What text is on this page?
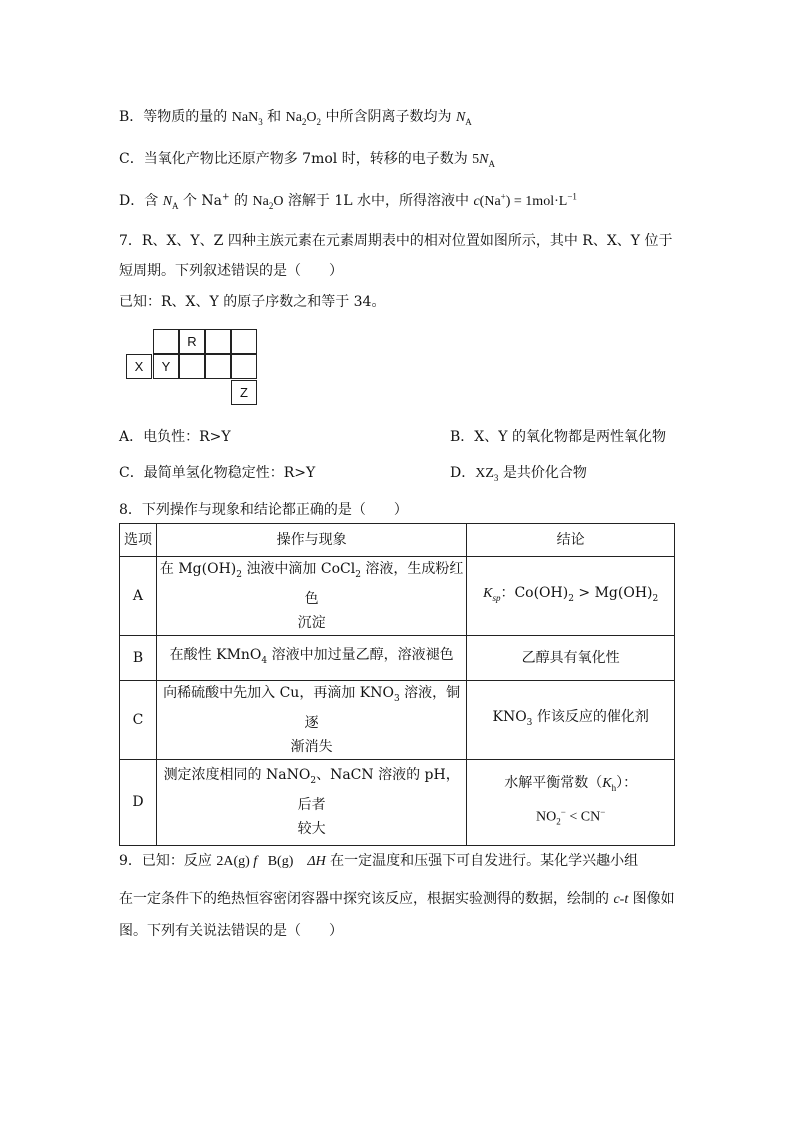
B．等物质的量的 NaN$_3$ 和 $Na_2O_2$ 中所含阴离子数均为 $N_A$
C．当氧化产物比还原产物多 7mol 时，转移的电子数为 $5N_A$
D．含 $N_A$ 个 Na+ 的 $Na_2O$ 溶解于 1L 水中，所得溶液中 $c(Na^+) = 1mol\cdot L^{-1}$
7．R、X、Y、Z 四种主族元素在元素周期表中的相对位置如图所示，其中 R、X、Y 位于
短周期。下列叙述错误的是（　　）
已知：R、X、Y 的原子序数之和等于 34。
R
X	Y
Z
A．电负性：R>Y	B．X、Y 的氧化物都是两性氧化物
C．最简单氢化物稳定性：R>Y	D．$XZ_3$ 是共价化合物
8．下列操作与现象和结论都正确的是（　　）
选项	操作与现象	结论
A	在 $Mg(OH)_2$ 浊液中滴加 CoCl$_2$ 溶液，生成粉红色
沉淀	$K_{sp}$：$Co(OH)_2 > Mg(OH)_2$
B	在酸性 KMnO$_4$ 溶液中加过量乙醇，溶液褪色	乙醇具有氧化性
C	向稀硫酸中先加入 Cu，再滴加 $KNO_3$ 溶液，铜逐
渐消失	$KNO_3$ 作该反应的催化剂
D	测定浓度相同的 NaNO$_2$、NaCN 溶液的 pH，后者
较大	水解平衡常数$(K_h)$：
$NO_2^- < CN^-$
9．已知：反应 2A(g) f   B(g)    ΔH 在一定温度和压强下可自发进行。某化学兴趣小组
在一定条件下的绝热恒容密闭容器中探究该反应，根据实验测得的数据，绘制的 c-t 图像如
图。下列有关说法错误的是（　　）
